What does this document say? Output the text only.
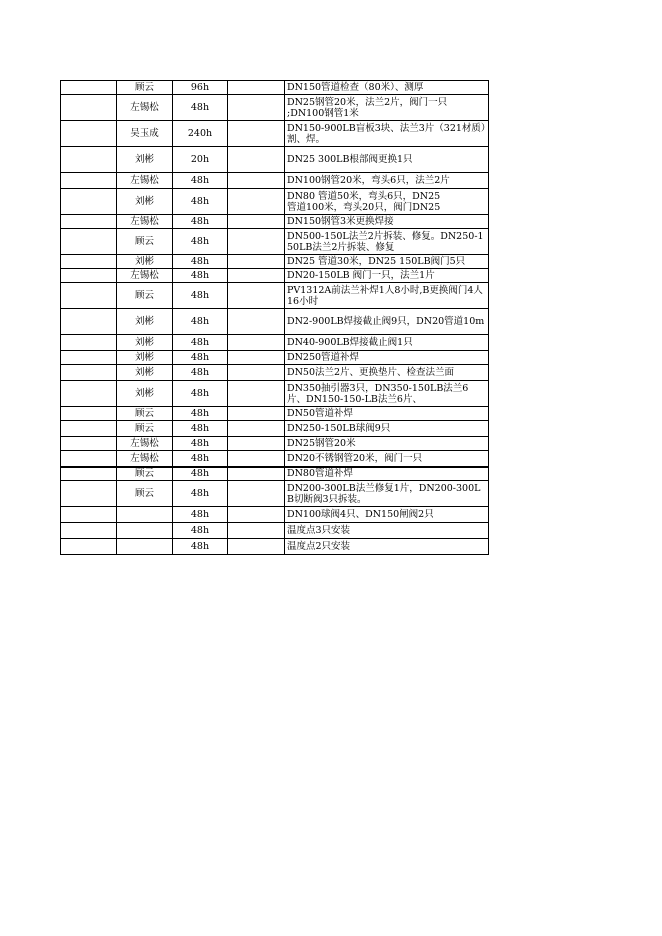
	顾云	96h		DN150管道检查（80米）、测厚
	左锡松	48h		DN25钢管20米，法兰2片，阀门一只
;DN100钢管1米
	吴玉成	240h		DN150-900LB盲板3块、法兰3片（321材质）割、焊。
	刘彬	20h		DN25 300LB根部阀更换1只
	左锡松	48h		DN100钢管20米，弯头6只，法兰2片
	刘彬	48h		DN80 管道50米，弯头6只，DN25
管道100米，弯头20只，阀门DN25
	左锡松	48h		DN150钢管3米更换焊接
	顾云	48h		DN500-150L法兰2片拆装、修复。DN250-150LB法兰2片拆装、修复
	刘彬	48h		DN25 管道30米，DN25 150LB阀门5只
	左锡松	48h		DN20-150LB 阀门一只，法兰1片
	顾云	48h		PV1312A前法兰补焊1人8小时,B更换阀门4人16小时
	刘彬	48h		DN2-900LB焊接截止阀9只，DN20管道10m
	刘彬	48h		DN40-900LB焊接截止阀1只
	刘彬	48h		DN250管道补焊
	刘彬	48h		DN50法兰2片、更换垫片、检查法兰面
	刘彬	48h		DN350抽引器3只，DN350-150LB法兰6片、DN150-150-LB法兰6片、
	顾云	48h		DN50管道补焊
	顾云	48h		DN250-150LB球阀9只
	左锡松	48h		DN25钢管20米
	左锡松	48h		DN20不锈钢管20米，阀门一只
	顾云	48h		DN80管道补焊
	顾云	48h		DN200-300LB法兰修复1片，DN200-300LB切断阀3只拆装。
		48h		DN100球阀4只、DN150闸阀2只
		48h		温度点3只安装
		48h		温度点2只安装
